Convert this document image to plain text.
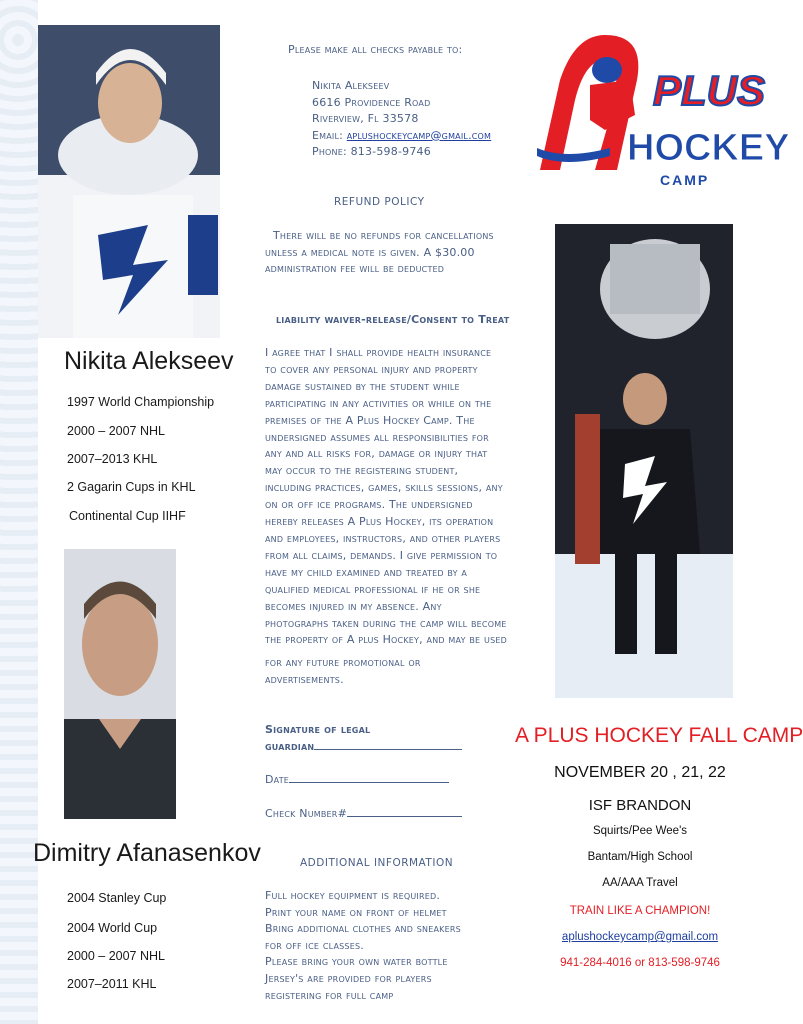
Nikita Alekseev
1997 World Championship
2000 – 2007 NHL
2007–2013 KHL
2 Gagarin Cups in KHL
Continental Cup IIHF
Dimitry Afanasenkov
2004 Stanley Cup
2004 World Cup
2000 – 2007 NHL
2007–2011 KHL
Please make all checks payable to:
Nikita Alekseev
6616 Providence Road
Riverview, Fl 33578
Email: aplushockeycamp@gmail.com
Phone: 813-598-9746
REFUND POLICY
There will be no refunds for cancellations
unless a medical note is given. A $30.00
administration fee will be deducted
liability waiver-release/Consent to Treat
I agree that I shall provide health insurance
to cover any personal injury and property
damage sustained by the student while
participating in any activities or while on the
premises of the A Plus Hockey Camp. The
undersigned assumes all responsibilities for
any and all risks for, damage or injury that
may occur to the registering student,
including practices, games, skills sessions, any
on or off ice programs. The undersigned
hereby releases A Plus Hockey, its operation
and employees, instructors, and other players
from all claims, demands. I give permission to
have my child examined and treated by a
qualified medical professional if he or she
becomes injured in my absence. Any
photographs taken during the camp will become
the property of A plus Hockey, and may be used
for any future promotional or
advertisements.
Signature of legal
guardian
Date
Check Number#
ADDITIONAL INFORMATION
Full hockey equipment is required.
Print your name on front of helmet
Bring additional clothes and sneakers
for off ice classes.
Please bring your own water bottle
Jersey's are provided for players
registering for full camp
PLUS
HOCKEY
CAMP
A PLUS HOCKEY FALL CAMP
NOVEMBER 20 , 21, 22
ISF BRANDON
Squirts/Pee Wee's
Bantam/High School
AA/AAA Travel
TRAIN LIKE A CHAMPION!
aplushockeycamp@gmail.com
941-284-4016 or 813-598-9746
